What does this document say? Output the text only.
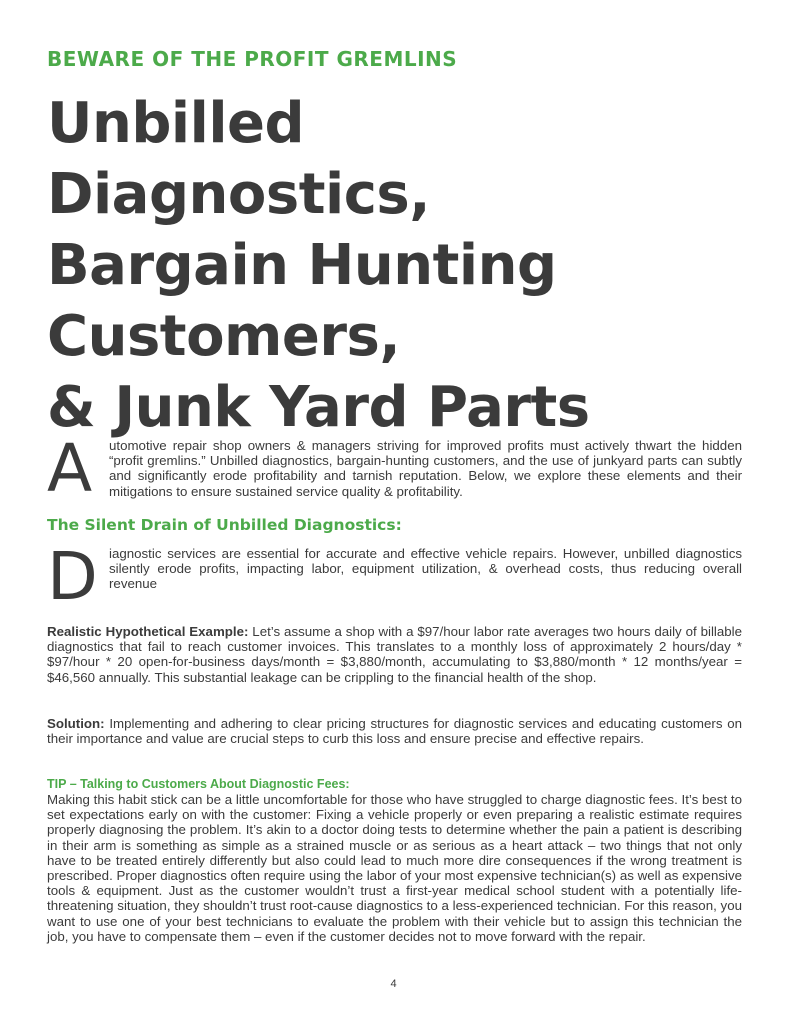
BEWARE OF THE PROFIT GREMLINS

Unbilled
Diagnostics,
Bargain Hunting
Customers,
& Junk Yard Parts
A	utomotive repair shop owners & managers striving for improved profits must actively thwart the hidden “profit gremlins.” Unbilled diagnostics, bargain-hunting customers, and the use of junkyard parts can subtly and significantly erode profitability and tarnish reputation. Below, we explore these elements and their mitigations to ensure sustained service quality & profitability.

The Silent Drain of Unbilled Diagnostics:
D iagnostic services are essential for accurate and effective vehicle repairs. However, unbilled diagnostics silently erode profits, impacting labor, equipment utilization, & overhead costs, thus reducing overall revenue

Realistic Hypothetical Example: Let’s assume a shop with a $97/hour labor rate averages two hours daily of billable diagnostics that fail to reach customer invoices. This translates to a monthly loss of approximately 2 hours/day * $97/hour * 20 open-for-business days/month = $3,880/month, accumulating to $3,880/month * 12 months/year = $46,560 annually. This substantial leakage can be crippling to the financial health of the shop.

Solution: Implementing and adhering to clear pricing structures for diagnostic services and educating customers on their importance and value are crucial steps to curb this loss and ensure precise and effective repairs.

TIP – Talking to Customers About Diagnostic Fees:

Making this habit stick can be a little uncomfortable for those who have struggled to charge diagnostic fees. It’s best to set expectations early on with the customer: Fixing a vehicle properly or even preparing a realistic estimate requires properly diagnosing the problem. It’s akin to a doctor doing tests to determine whether the pain a patient is describing in their arm is something as simple as a strained muscle or as serious as a heart attack – two things that not only have to be treated entirely differently but also could lead to much more dire consequences if the wrong treatment is prescribed. Proper diagnostics often require using the labor of your most expensive technician(s) as well as expensive tools & equipment. Just as the customer wouldn’t trust a first-year medical school student with a potentially life-threatening situation, they shouldn’t trust root-cause diagnostics to a less-experienced technician. For this reason, you want to use one of your best technicians to evaluate the problem with their vehicle but to assign this technician the job, you have to compensate them – even if the customer decides not to move forward with the repair.

4
